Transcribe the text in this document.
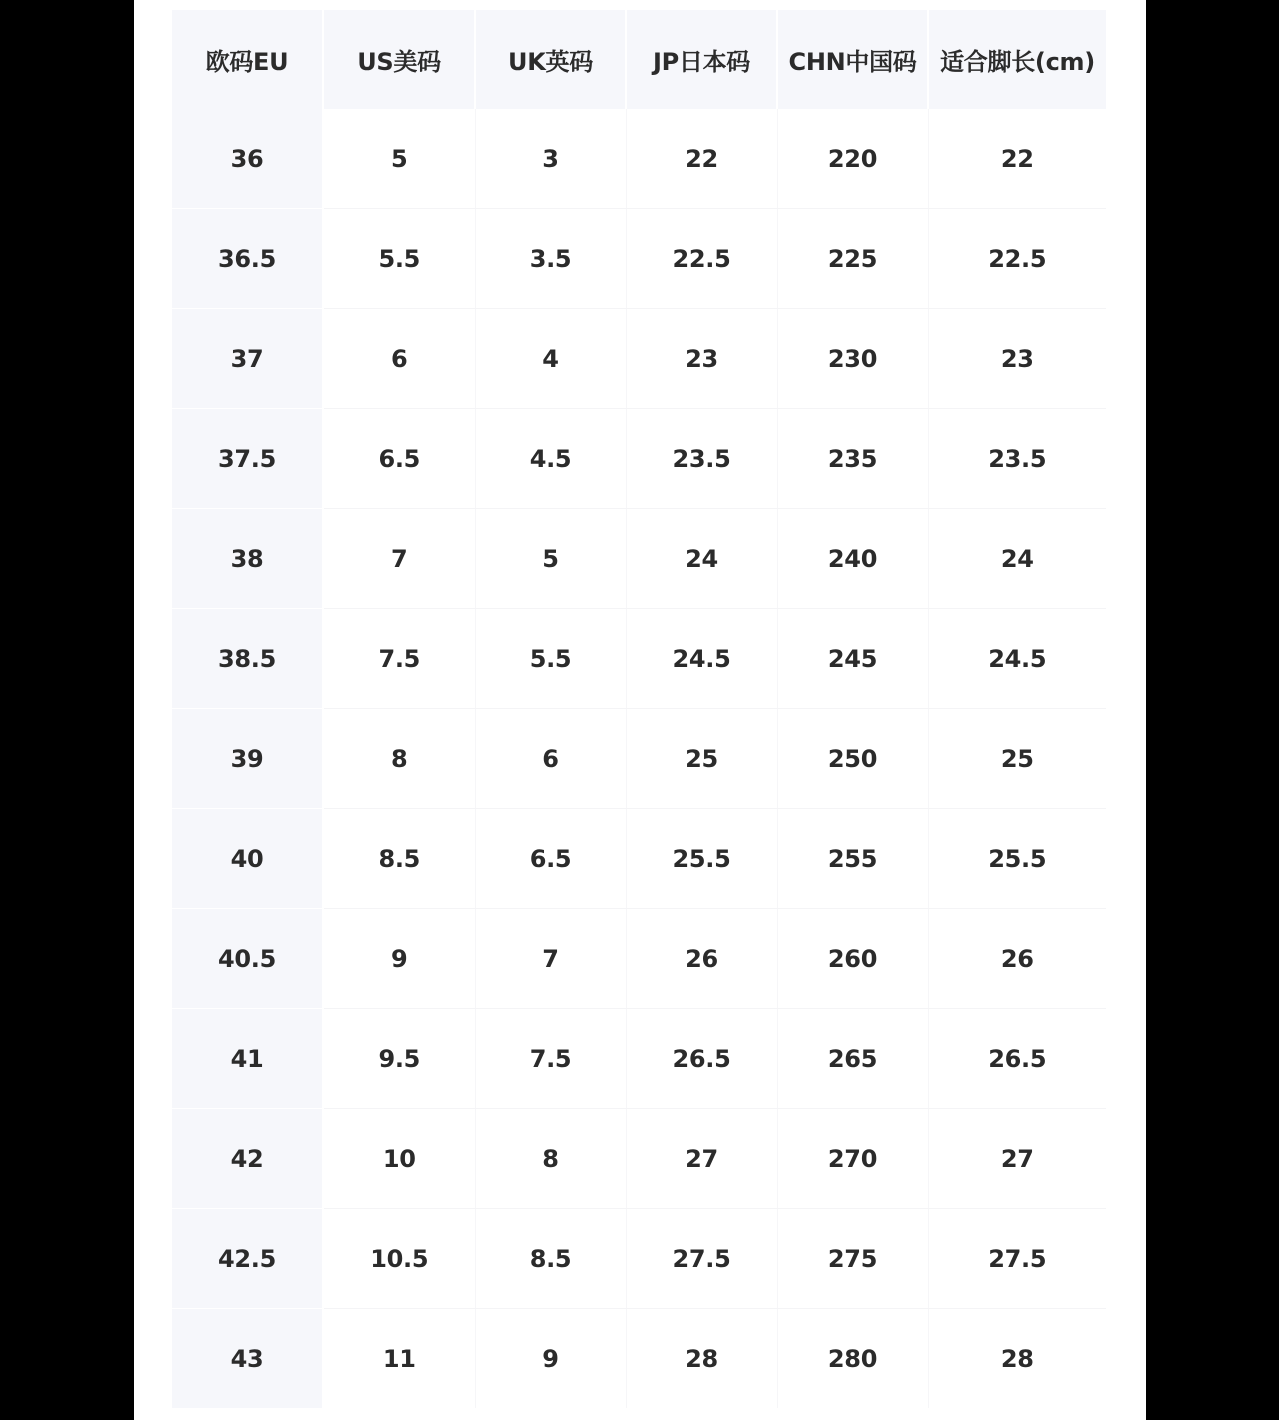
欧码EU	US美码	UK英码	JP日本码	CHN中国码	适合脚长(cm)
36	5	3	22	220	22
36.5	5.5	3.5	22.5	225	22.5
37	6	4	23	230	23
37.5	6.5	4.5	23.5	235	23.5
38	7	5	24	240	24
38.5	7.5	5.5	24.5	245	24.5
39	8	6	25	250	25
40	8.5	6.5	25.5	255	25.5
40.5	9	7	26	260	26
41	9.5	7.5	26.5	265	26.5
42	10	8	27	270	27
42.5	10.5	8.5	27.5	275	27.5
43	11	9	28	280	28
